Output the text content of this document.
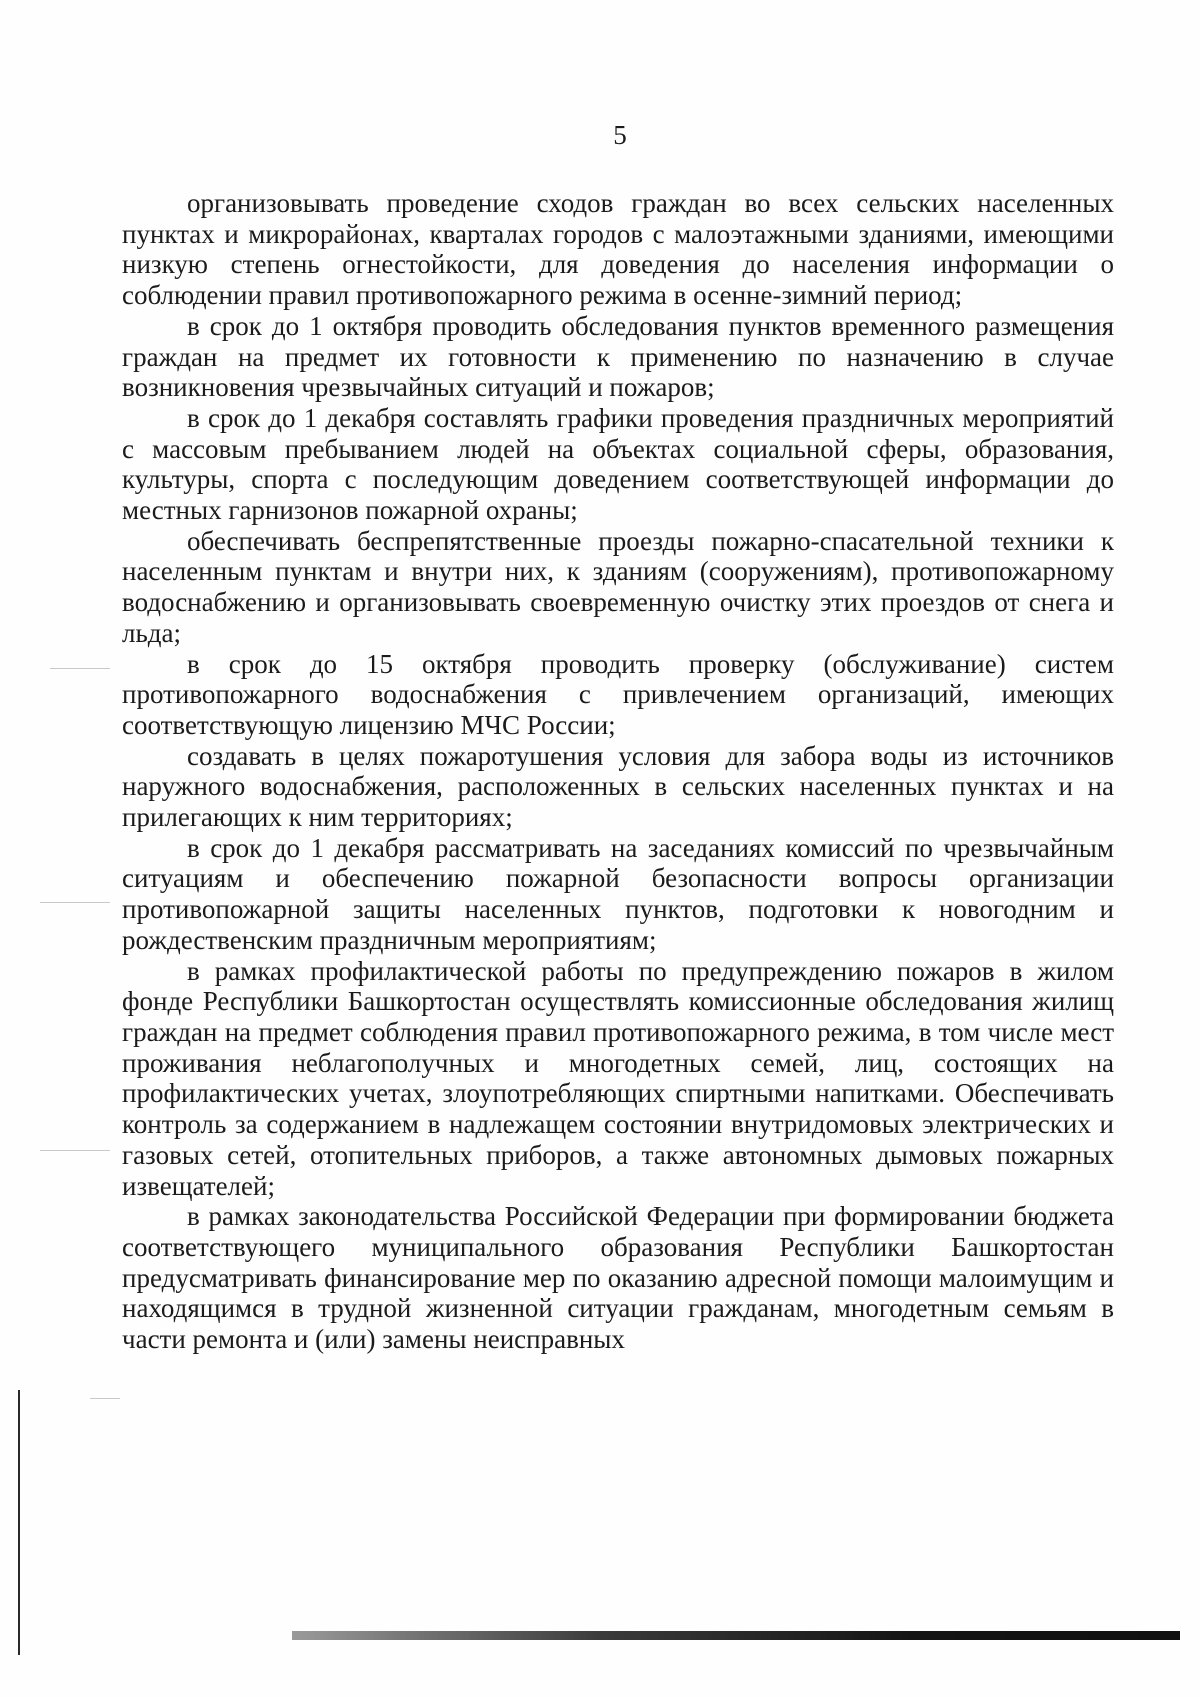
5

организовывать проведение сходов граждан во всех сельских населенных пунктах и микрорайонах, кварталах городов с малоэтажными зданиями, имеющими низкую степень огнестойкости, для доведения до населения информации о соблюдении правил противопожарного режима в осенне-зимний период;

в срок до 1 октября проводить обследования пунктов временного размещения граждан на предмет их готовности к применению по назначению в случае возникновения чрезвычайных ситуаций и пожаров;

в срок до 1 декабря составлять графики проведения праздничных мероприятий с массовым пребыванием людей на объектах социальной сферы, образования, культуры, спорта с последующим доведением соответствующей информации до местных гарнизонов пожарной охраны;

обеспечивать беспрепятственные проезды пожарно-спасательной техники к населенным пунктам и внутри них, к зданиям (сооружениям), противопожарному водоснабжению и организовывать своевременную очистку этих проездов от снега и льда;

в срок до 15 октября проводить проверку (обслуживание) систем противопожарного водоснабжения с привлечением организаций, имеющих соответствующую лицензию МЧС России;

создавать в целях пожаротушения условия для забора воды из источников наружного водоснабжения, расположенных в сельских населенных пунктах и на прилегающих к ним территориях;

в срок до 1 декабря рассматривать на заседаниях комиссий по чрезвычайным ситуациям и обеспечению пожарной безопасности вопросы организации противопожарной защиты населенных пунктов, подготовки к новогодним и рождественским праздничным мероприятиям;

в рамках профилактической работы по предупреждению пожаров в жилом фонде Республики Башкортостан осуществлять комиссионные обследования жилищ граждан на предмет соблюдения правил противопожарного режима, в том числе мест проживания неблагополучных и многодетных семей, лиц, состоящих на профилактических учетах, злоупотребляющих спиртными напитками. Обеспечивать контроль за содержанием в надлежащем состоянии внутридомовых электрических и газовых сетей, отопительных приборов, а также автономных дымовых пожарных извещателей;

в рамках законодательства Российской Федерации при формировании бюджета соответствующего муниципального образования Республики Башкортостан предусматривать финансирование мер по оказанию адресной помощи малоимущим и находящимся в трудной жизненной ситуации гражданам, многодетным семьям в части ремонта и (или) замены неисправных
